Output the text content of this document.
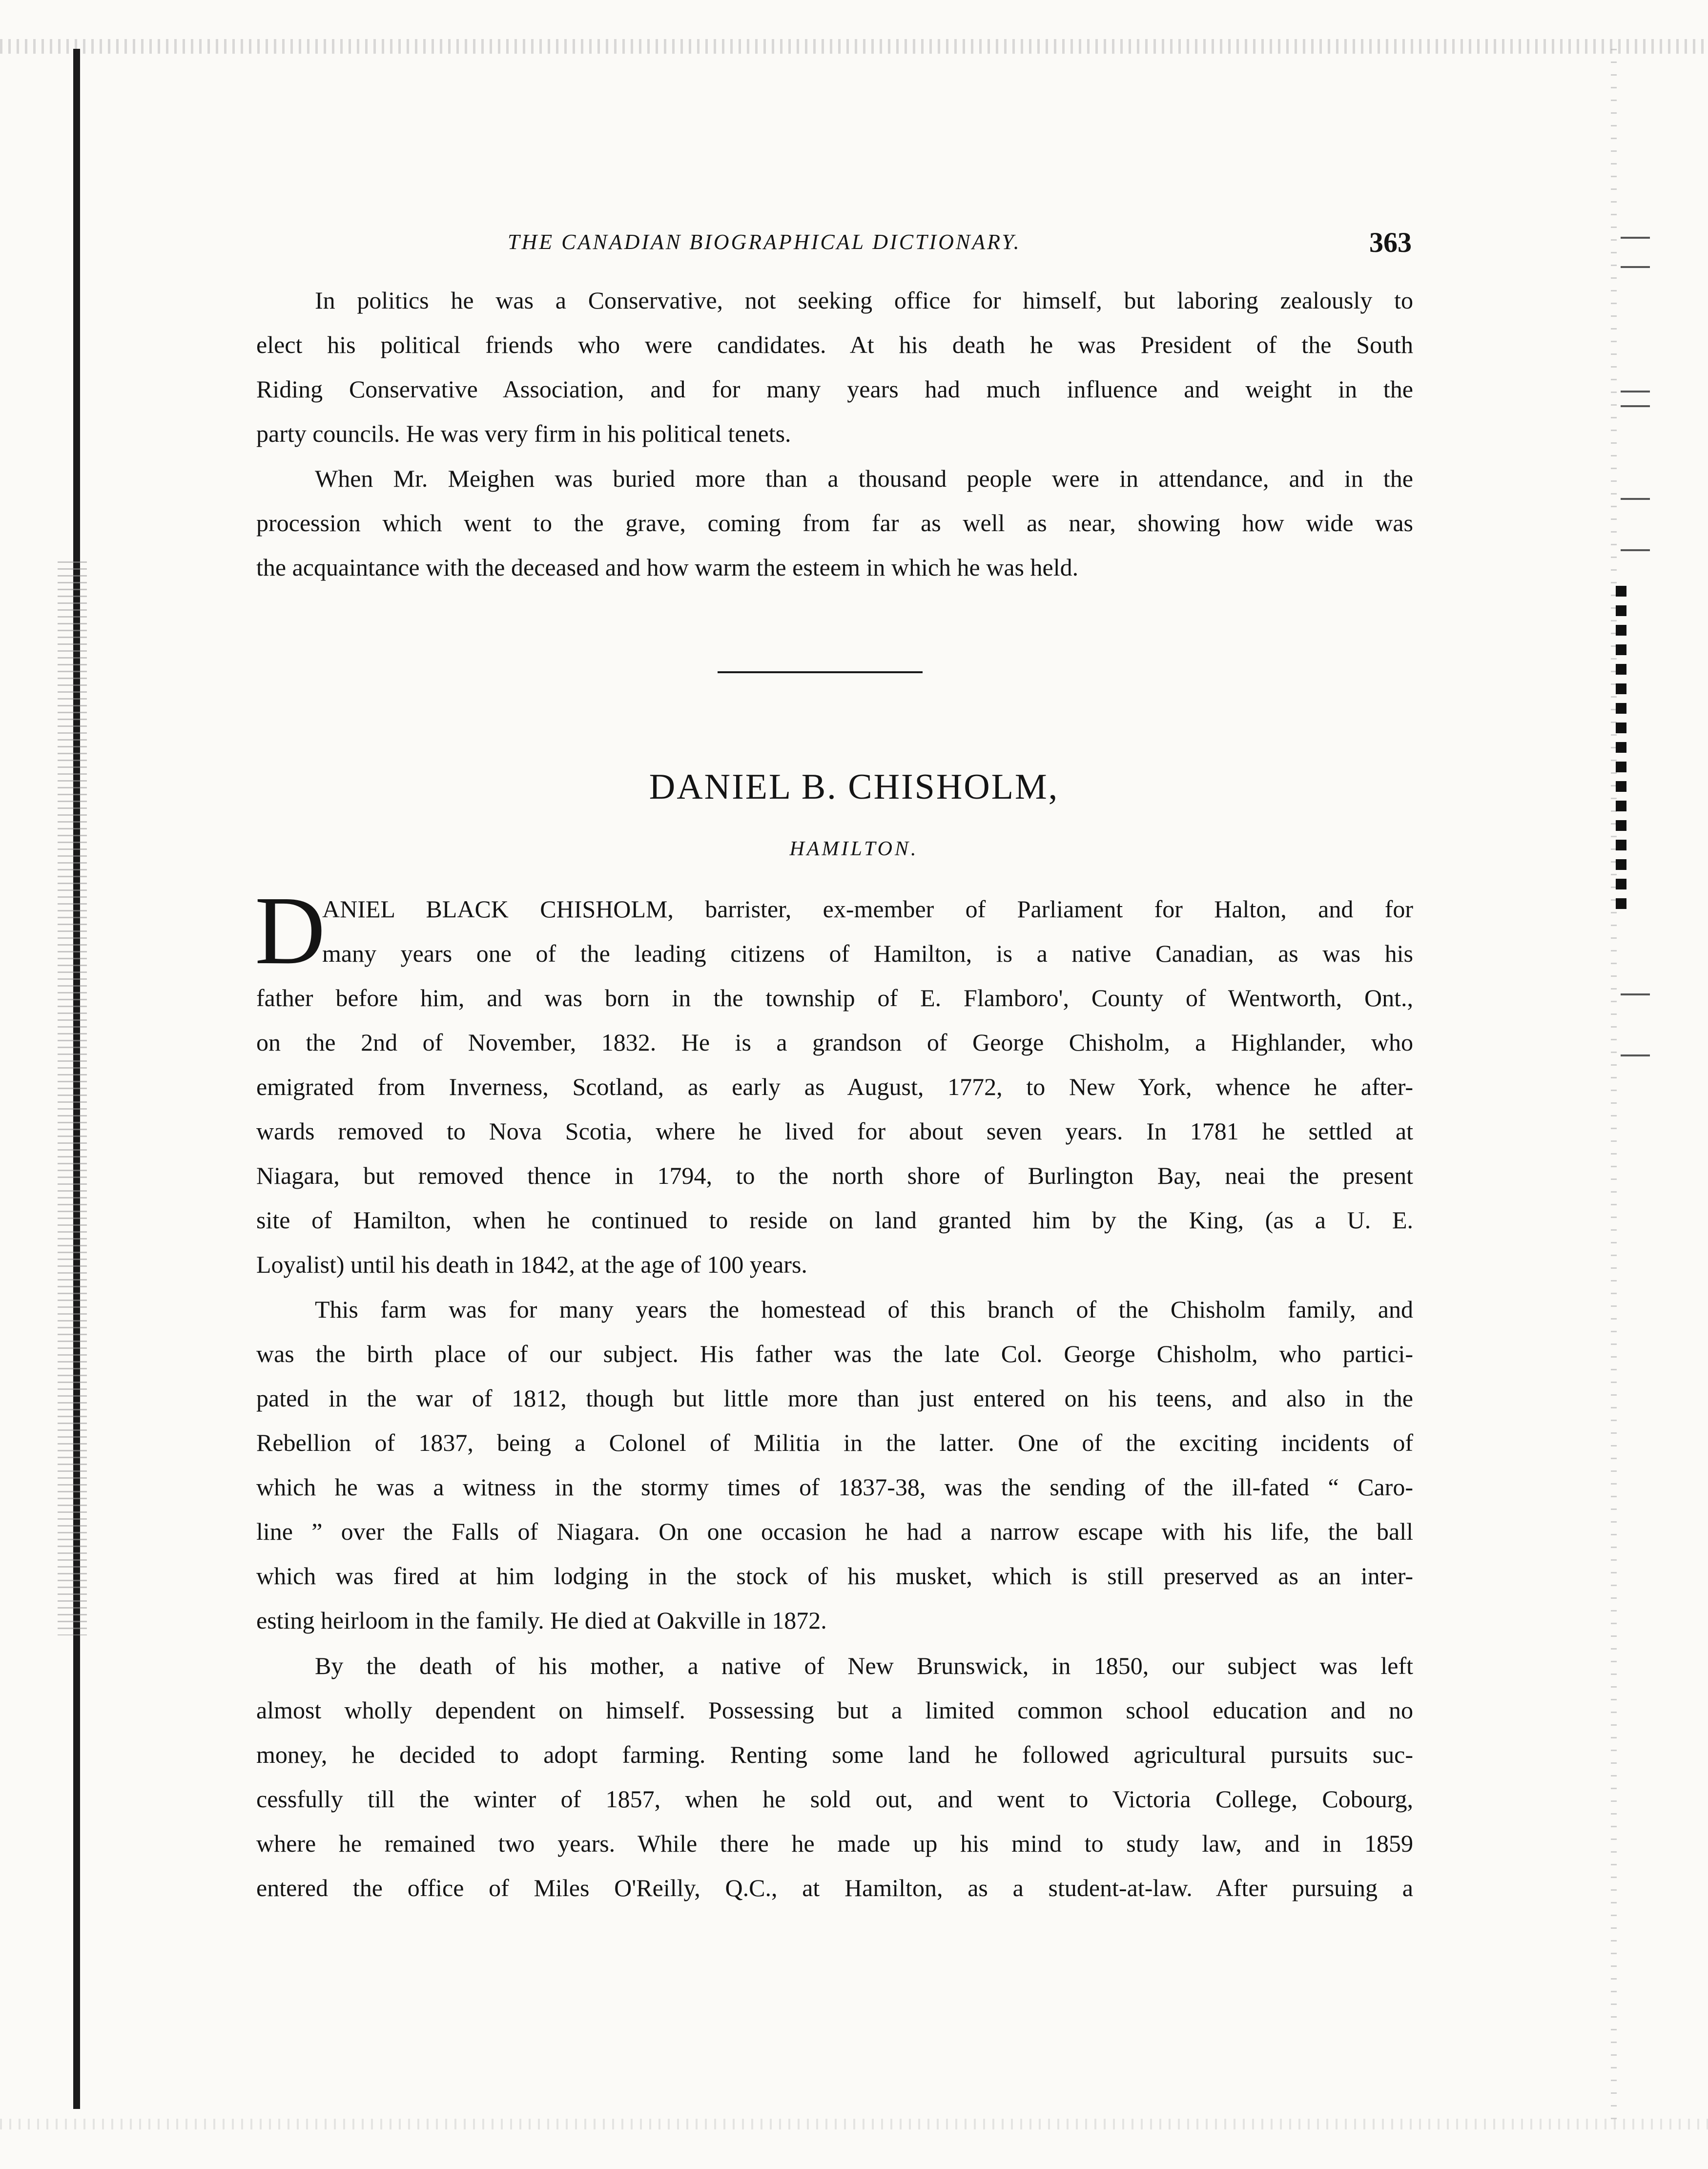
THE CANADIAN BIOGRAPHICAL DICTIONARY.	363
In politics he was a Conservative, not seeking office for himself, but laboring zealously to
elect his political friends who were candidates. At his death he was President of the South
Riding Conservative Association, and for many years had much influence and weight in the
party councils. He was very firm in his political tenets.
When Mr. Meighen was buried more than a thousand people were in attendance, and in the
procession which went to the grave, coming from far as well as near, showing how wide was
the acquaintance with the deceased and how warm the esteem in which he was held.
DANIEL B. CHISHOLM,
HAMILTON.
D
ANIEL BLACK CHISHOLM, barrister, ex-member of Parliament for Halton, and for
many years one of the leading citizens of Hamilton, is a native Canadian, as was his
father before him, and was born in the township of E. Flamboro', County of Wentworth, Ont.,
on the 2nd of November, 1832. He is a grandson of George Chisholm, a Highlander, who
emigrated from Inverness, Scotland, as early as August, 1772, to New York, whence he after-
wards removed to Nova Scotia, where he lived for about seven years. In 1781 he settled at
Niagara, but removed thence in 1794, to the north shore of Burlington Bay, neai the present
site of Hamilton, when he continued to reside on land granted him by the King, (as a U. E.
Loyalist) until his death in 1842, at the age of 100 years.
This farm was for many years the homestead of this branch of the Chisholm family, and
was the birth place of our subject. His father was the late Col. George Chisholm, who partici-
pated in the war of 1812, though but little more than just entered on his teens, and also in the
Rebellion of 1837, being a Colonel of Militia in the latter. One of the exciting incidents of
which he was a witness in the stormy times of 1837-38, was the sending of the ill-fated “ Caro-
line ” over the Falls of Niagara. On one occasion he had a narrow escape with his life, the ball
which was fired at him lodging in the stock of his musket, which is still preserved as an inter-
esting heirloom in the family. He died at Oakville in 1872.
By the death of his mother, a native of New Brunswick, in 1850, our subject was left
almost wholly dependent on himself. Possessing but a limited common school education and no
money, he decided to adopt farming. Renting some land he followed agricultural pursuits suc-
cessfully till the winter of 1857, when he sold out, and went to Victoria College, Cobourg,
where he remained two years. While there he made up his mind to study law, and in 1859
entered the office of Miles O'Reilly, Q.C., at Hamilton, as a student-at-law. After pursuing a
